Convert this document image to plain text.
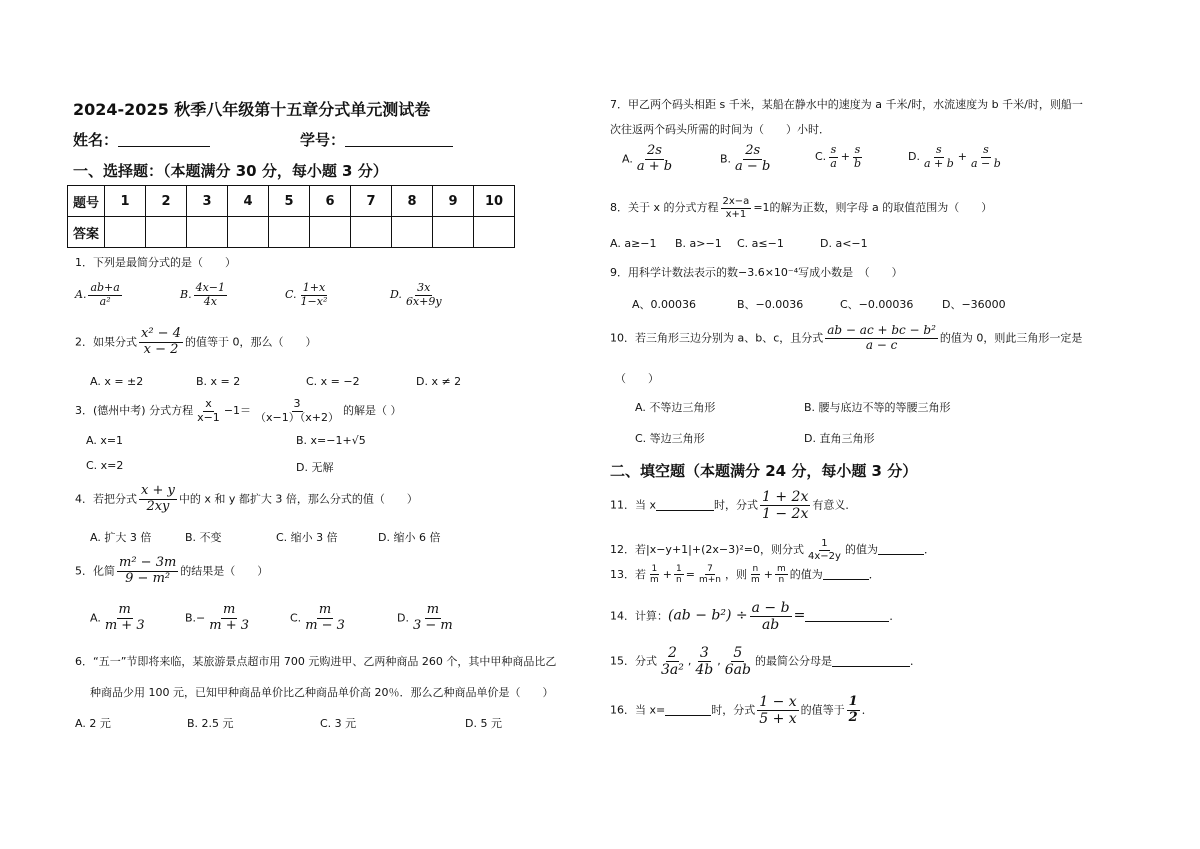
2024-2025 秋季八年级第十五章分式单元测试卷
姓名：	学号：
一、选择题：（本题满分 30 分，每小题 3 分）
题号	1	2	3	4	5	6	7	8	9	10
答案										
1．下列是最简分式的是（　　）
A. $\frac{ab+a}{\text{a²}}$	B. $\frac{4x-1}{4x}$	C. $\frac{1+x}{\text{1−x²}}$	D. $\frac{3x}{6x+9y}$
2．如果分式 $\frac{\text{x² − 4}}{x - 2}$ 的值等于 0，那么（　　）
A. x = ±2	B. x = 2	C. x = −2	D. x ≠ 2
3．(德州中考) 分式方程 $\frac{x}{x-1} -1= \frac{3}{(x-1)(x+2)}$ 的解是（ ）
A. x=1	B. x=−1+√5
C. x=2	D. 无解
4．若把分式 $\frac{x + y}{2xy}$ 中的 x 和 y 都扩大 3 倍，那么分式的值（　　）
A. 扩大 3 倍	B. 不变	C. 缩小 3 倍	D. 缩小 6 倍
5．化简 $\frac{\text{m² − 3m}}{\text{9 − m²}}$ 的结果是（　　）
A. $\frac{m}{m + 3}$	$B.- \frac{m}{m + 3}$	C. $\frac{m}{m - 3}$	D. $\frac{m}{3 - m}$
6．“五一”节即将来临，某旅游景点超市用 700 元购进甲、乙两种商品 260 个，其中甲种商品比乙
种商品少用 100 元，已知甲种商品单价比乙种商品单价高 20％．那么乙种商品单价是（　　）
A. 2 元	B. 2.5 元	C. 3 元	D. 5 元
7．甲乙两个码头相距 s 千米，某船在静水中的速度为 a 千米/时，水流速度为 b 千米/时，则船一
次往返两个码头所需的时间为（　　）小时．
A. $\frac{2s}{a + b}$	B. $\frac{2s}{a - b}$	C. $\frac{s}{a} + \frac{s}{b}$	D. $\frac{s}{a + b} + \frac{s}{a - b}$
8．关于 x 的分式方程 $\frac{2x-a}{x+1} =1$的解为正数，则字母 a 的取值范围为（　　）
A. a≥−1 B. a>−1 C. a≤−1	D. a<−1
9．用科学计数法表示的数−3.6×10⁻⁴写成小数是　（　　）
A、0.00036	B、−0.0036	C、−0.00036	D、−36000
10．若三角形三边分别为 a、b、c，且分式 $\frac{\text{ab − ac + bc − b²}}{a - c}$ 的值为 0，则此三角形一定是
（　　）
A. 不等边三角形	B. 腰与底边不等的等腰三角形
C. 等边三角形	D. 直角三角形
二、填空题（本题满分 24 分，每小题 3 分）
11．当 x	时，分式 $\frac{1 + 2x}{1 - 2x}$ 有意义．
12．若|x−y+1|+(2x−3)²=0，则分式 $\frac{1}{4x-2y}$ 的值为	．
13．若 $\frac{1}{m} + \frac{1}{n} = \frac{7}{m+n}$ ，则 $\frac{n}{m} + \frac{m}{n}$ 的值为	．
14．计算：$(ab - b^2) \div \frac{a - b}{ab}$ =	．
15．分式 $\frac{2}{\text{3a²}}$ , $\frac{3}{4b}$ , $\frac{5}{6ab}$ 的最简公分母是	．
16．当 x=	时，分式 $\frac{1 - x}{5 + x}$ 的值等于 $\frac{1}{2}$ ．
